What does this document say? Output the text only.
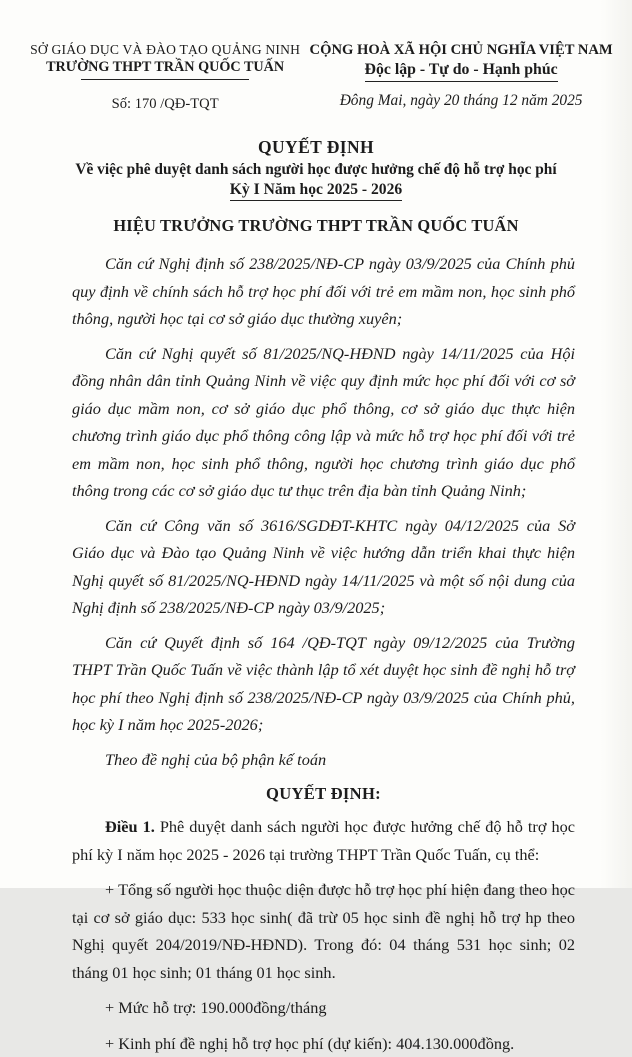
SỞ GIÁO DỤC VÀ ĐÀO TẠO QUẢNG NINH
TRƯỜNG THPT TRẦN QUỐC TUẤN
Số: 170 /QĐ-TQT
CỘNG HOÀ XÃ HỘI CHỦ NGHĨA VIỆT NAM
Độc lập - Tự do - Hạnh phúc
Đông Mai, ngày 20 tháng 12 năm 2025
QUYẾT ĐỊNH
Về việc phê duyệt danh sách người học được hưởng chế độ hỗ trợ học phí
Kỳ I Năm học 2025 - 2026
HIỆU TRƯỞNG TRƯỜNG THPT TRẦN QUỐC TUẤN
Căn cứ Nghị định số 238/2025/NĐ-CP ngày 03/9/2025 của Chính phủ quy định về chính sách hỗ trợ học phí đối với trẻ em mầm non, học sinh phổ thông, người học tại cơ sở giáo dục thường xuyên;
Căn cứ Nghị quyết số 81/2025/NQ-HĐND ngày 14/11/2025 của Hội đồng nhân dân tỉnh Quảng Ninh về việc quy định mức học phí đối với cơ sở giáo dục mầm non, cơ sở giáo dục phổ thông, cơ sở giáo dục thực hiện chương trình giáo dục phổ thông công lập và mức hỗ trợ học phí đối với trẻ em mầm non, học sinh phổ thông, người học chương trình giáo dục phổ thông trong các cơ sở giáo dục tư thục trên địa bàn tỉnh Quảng Ninh;
Căn cứ Công văn số 3616/SGDĐT-KHTC ngày 04/12/2025 của Sở Giáo dục và Đào tạo Quảng Ninh về việc hướng dẫn triển khai thực hiện Nghị quyết số 81/2025/NQ-HĐND ngày 14/11/2025 và một số nội dung của Nghị định số 238/2025/NĐ-CP ngày 03/9/2025;
Căn cứ Quyết định số 164 /QĐ-TQT ngày 09/12/2025 của Trường THPT Trần Quốc Tuấn về việc thành lập tổ xét duyệt học sinh đề nghị hỗ trợ học phí theo Nghị định số 238/2025/NĐ-CP ngày 03/9/2025 của Chính phủ, học kỳ I năm học 2025-2026;
Theo đề nghị của bộ phận kế toán
QUYẾT ĐỊNH:
Điều 1. Phê duyệt danh sách người học được hưởng chế độ hỗ trợ học phí kỳ I năm học 2025 - 2026 tại trường THPT Trần Quốc Tuấn, cụ thể:
+ Tổng số người học thuộc diện được hỗ trợ học phí hiện đang theo học tại cơ sở giáo dục: 533 học sinh( đã trừ 05 học sinh đề nghị hỗ trợ hp theo Nghị quyết 204/2019/NĐ-HĐND). Trong đó: 04 tháng 531 học sinh; 02 tháng 01 học sinh; 01 tháng 01 học sinh.
+ Mức hỗ trợ: 190.000đồng/tháng
+ Kinh phí đề nghị hỗ trợ học phí (dự kiến): 404.130.000đồng.
